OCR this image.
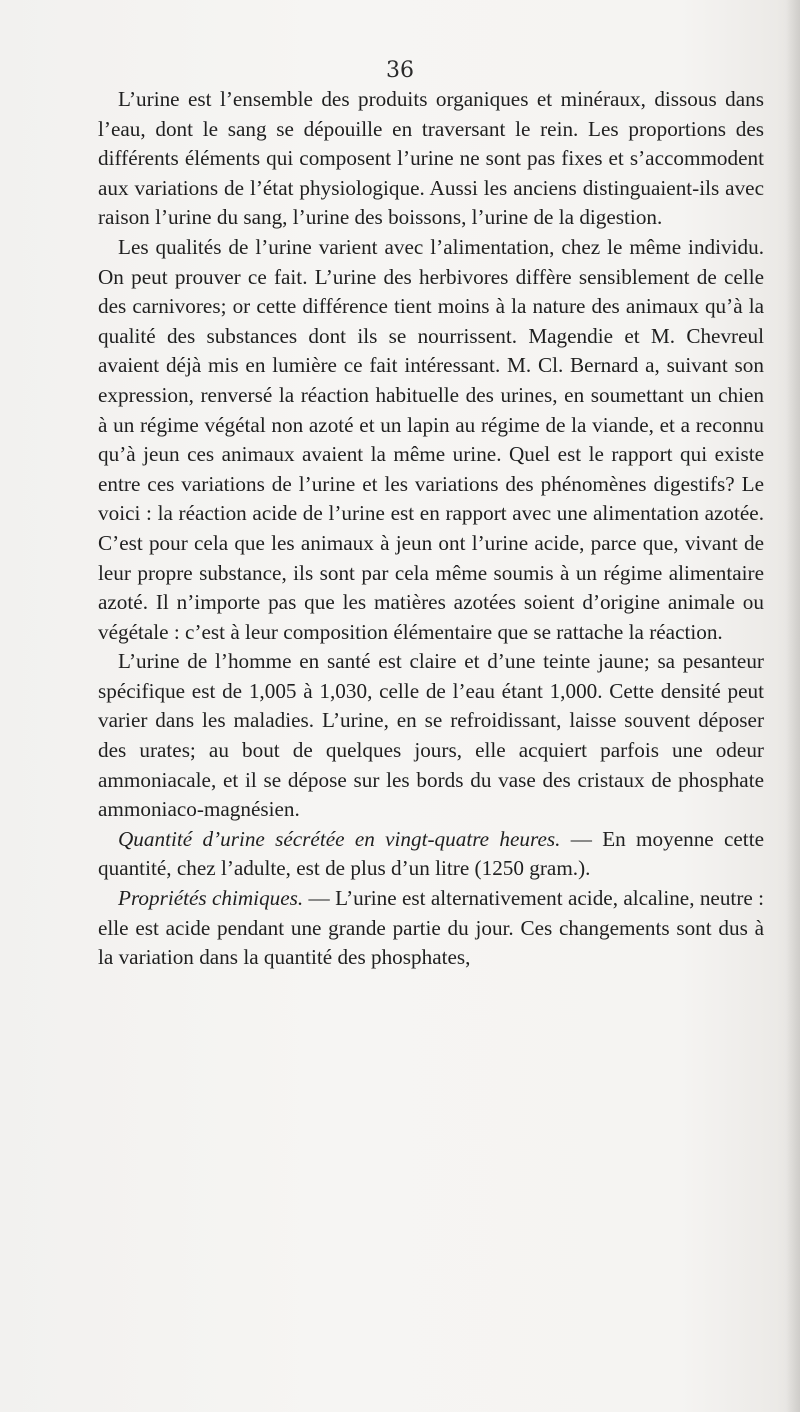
36

L’urine est l’ensemble des produits organiques et minéraux, dissous dans l’eau, dont le sang se dépouille en traversant le rein. Les proportions des différents éléments qui composent l’urine ne sont pas fixes et s’accommodent aux variations de l’état physiologique. Aussi les anciens distinguaient-ils avec raison l’urine du sang, l’urine des boissons, l’urine de la digestion.

Les qualités de l’urine varient avec l’alimentation, chez le même individu. On peut prouver ce fait. L’urine des herbivores diffère sensiblement de celle des carnivores; or cette différence tient moins à la nature des animaux qu’à la qualité des substances dont ils se nourrissent. Magendie et M. Chevreul avaient déjà mis en lumière ce fait intéressant. M. Cl. Bernard a, suivant son expression, renversé la réaction habituelle des urines, en soumettant un chien à un régime végétal non azoté et un lapin au régime de la viande, et a reconnu qu’à jeun ces animaux avaient la même urine. Quel est le rapport qui existe entre ces variations de l’urine et les variations des phénomènes digestifs? Le voici : la réaction acide de l’urine est en rapport avec une alimentation azotée. C’est pour cela que les animaux à jeun ont l’urine acide, parce que, vivant de leur propre substance, ils sont par cela même soumis à un régime alimentaire azoté. Il n’importe pas que les matières azotées soient d’origine animale ou végétale : c’est à leur composition élémentaire que se rattache la réaction.

L’urine de l’homme en santé est claire et d’une teinte jaune; sa pesanteur spécifique est de 1,005 à 1,030, celle de l’eau étant 1,000. Cette densité peut varier dans les maladies. L’urine, en se refroidissant, laisse souvent déposer des urates; au bout de quelques jours, elle acquiert parfois une odeur ammoniacale, et il se dépose sur les bords du vase des cristaux de phosphate ammoniaco-magnésien.

Quantité d’urine sécrétée en vingt-quatre heures. — En moyenne cette quantité, chez l’adulte, est de plus d’un litre (1250 gram.).

Propriétés chimiques. — L’urine est alternativement acide, alcaline, neutre : elle est acide pendant une grande partie du jour. Ces changements sont dus à la variation dans la quantité des phosphates,
